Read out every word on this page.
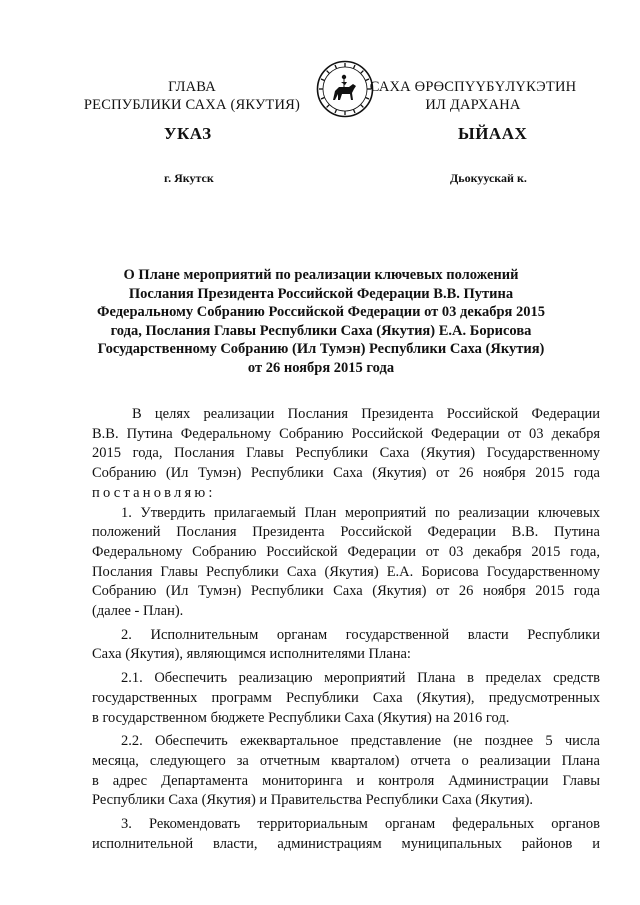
ГЛАВА
РЕСПУБЛИКИ САХА (ЯКУТИЯ)
САХА ӨРӨСПҮҮБҮЛҮКЭТИН
ИЛ ДАРХАНА
УКАЗ	ЫЙААХ
г. Якутск	Дьокуускай к.
О Плане мероприятий по реализации ключевых положений
Послания Президента Российской Федерации В.В. Путина
Федеральному Собранию Российской Федерации от 03 декабря 2015
года, Послания Главы Республики Саха (Якутия) Е.А. Борисова
Государственному Собранию (Ил Тумэн) Республики Саха (Якутия)
от 26 ноября 2015 года
В целях реализации Послания Президента Российской Федерации
В.В. Путина Федеральному Собранию Российской Федерации от 03 декабря
2015 года, Послания Главы Республики Саха (Якутия) Государственному
Собранию (Ил Тумэн) Республики Саха (Якутия) от 26 ноября 2015 года
постановляю:
1. Утвердить прилагаемый План мероприятий по реализации ключевых
положений Послания Президента Российской Федерации В.В. Путина
Федеральному Собранию Российской Федерации от 03 декабря 2015 года,
Послания Главы Республики Саха (Якутия) Е.А. Борисова Государственному
Собранию (Ил Тумэн) Республики Саха (Якутия) от 26 ноября 2015 года
(далее - План).
2. Исполнительным органам государственной власти Республики
Саха (Якутия), являющимся исполнителями Плана:
2.1. Обеспечить реализацию мероприятий Плана в пределах средств
государственных программ Республики Саха (Якутия), предусмотренных
в государственном бюджете Республики Саха (Якутия) на 2016 год.
2.2. Обеспечить ежеквартальное представление (не позднее 5 числа
месяца, следующего за отчетным кварталом) отчета о реализации Плана
в адрес Департамента мониторинга и контроля Администрации Главы
Республики Саха (Якутия) и Правительства Республики Саха (Якутия).
3. Рекомендовать территориальным органам федеральных органов
исполнительной власти, администрациям муниципальных районов и
